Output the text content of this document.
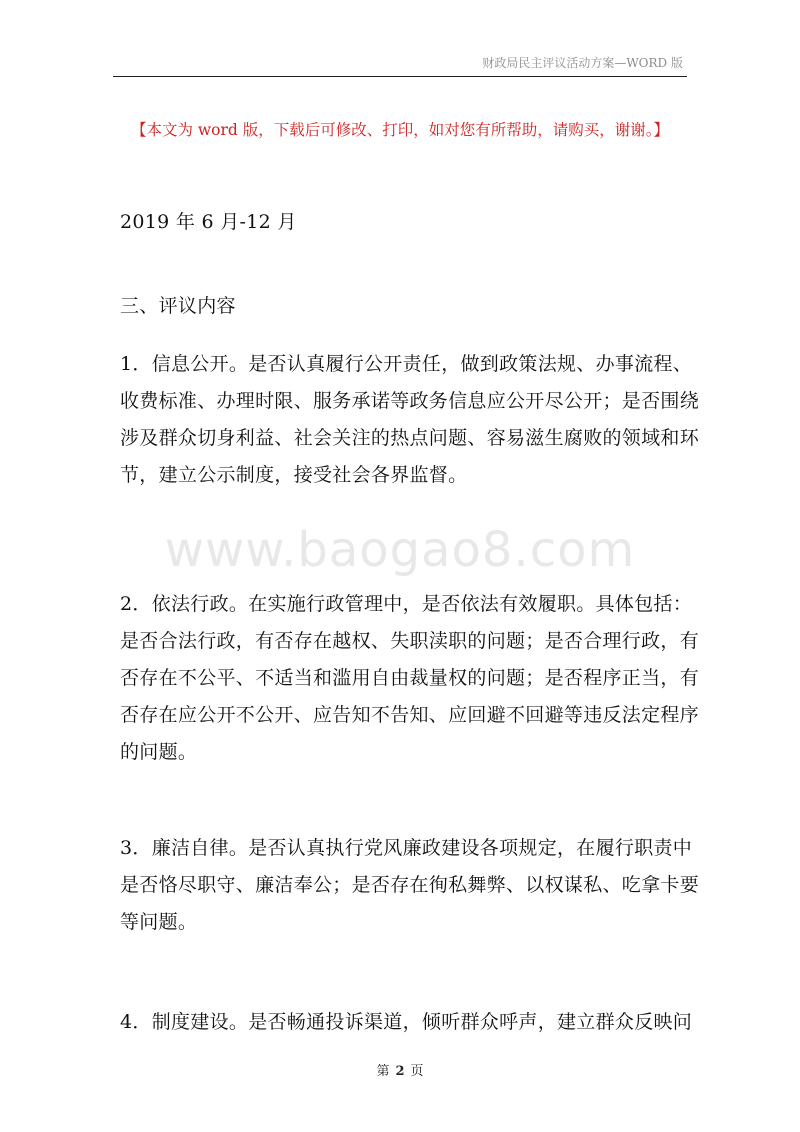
财政局民主评议活动方案—WORD 版
【本文为 word 版，下载后可修改、打印，如对您有所帮助，请购买，谢谢。】
2019 年 6 月-12 月
三、评议内容

1．信息公开。是否认真履行公开责任，做到政策法规、办事流程、

收费标准、办理时限、服务承诺等政务信息应公开尽公开；是否围绕

涉及群众切身利益、社会关注的热点问题、容易滋生腐败的领域和环

节，建立公示制度，接受社会各界监督。

www.baogao8.com

2．依法行政。在实施行政管理中，是否依法有效履职。具体包括：

是否合法行政，有否存在越权、失职渎职的问题；是否合理行政，有

否存在不公平、不适当和滥用自由裁量权的问题；是否程序正当，有

否存在应公开不公开、应告知不告知、应回避不回避等违反法定程序

的问题。

3．廉洁自律。是否认真执行党风廉政建设各项规定，在履行职责中

是否恪尽职守、廉洁奉公；是否存在徇私舞弊、以权谋私、吃拿卡要

等问题。

4．制度建设。是否畅通投诉渠道，倾听群众呼声，建立群众反映问

第 2 页
